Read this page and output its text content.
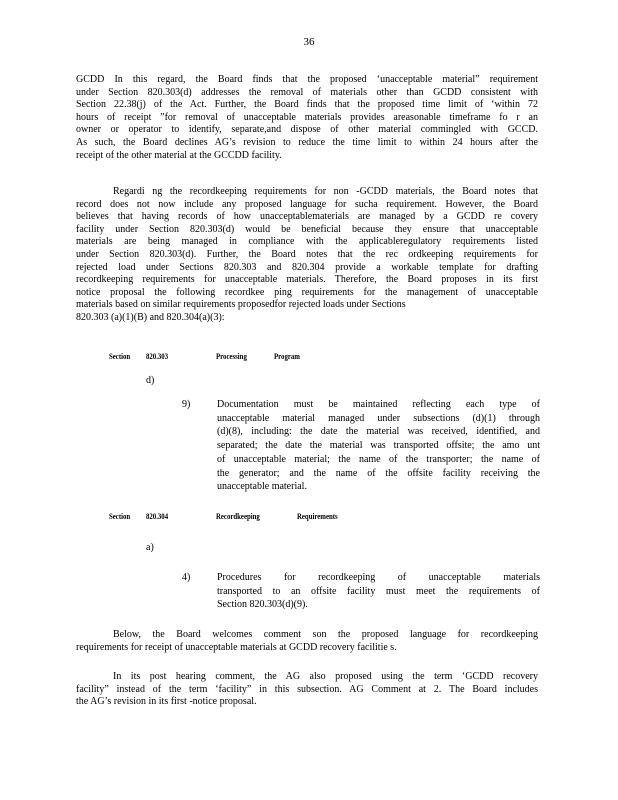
36
GCDD In this regard, the Board finds that the proposed ‘unacceptable material” requirement
under Section 820.303(d) addresses the removal of materials other than GCDD consistent with
Section 22.38(j) of the Act. Further, the Board finds that the proposed time limit of ‘within 72
hours of receipt ”for removal of unacceptable materials provides areasonable timeframe fo r an
owner or operator to identify, separate,and dispose of other material commingled with GCCD.
As such, the Board declines AG’s revision to reduce the time limit to within 24 hours after the
receipt of the other material at the GCCDD facility.
Regardi ng the recordkeeping requirements for non -GCDD materials, the Board notes that
record does not now include any proposed language for sucha requirement. However, the Board
believes that having records of how unacceptablematerials are managed by a GCDD re covery
facility under Section 820.303(d) would be beneficial because they ensure that unacceptable
materials are being managed in compliance with the applicableregulatory requirements listed
under Section 820.303(d). Further, the Board notes that the rec ordkeeping requirements for
rejected load under Sections 820.303 and 820.304 provide a workable template for drafting
recordkeeping requirements for unacceptable materials. Therefore, the Board proposes in its first
notice proposal the following recordkee ping requirements for the management of unacceptable
materials based on similar requirements proposedfor rejected loads under Sections
820.303 (a)(1)(B) and 820.304(a)(3):
Section 820.303	Processing	Program
d)
9)	Documentation must be maintained reflecting each type of
unacceptable material managed under subsections (d)(1) through
(d)(8), including: the date the material was received, identified, and
separated; the date the material was transported offsite; the amo unt
of unacceptable material; the name of the transporter; the name of
the generator; and the name of the offsite facility receiving the
unacceptable material.
Section 820.304	Recordkeeping	Requirements
a)
4)	Procedures for recordkeeping of unacceptable materials
transported to an offsite facility must meet the requirements of
Section 820.303(d)(9).
Below, the Board welcomes comment son the proposed language for recordkeeping
requirements for receipt of unacceptable materials at GCDD recovery facilitie s.
In its post hearing comment, the AG also proposed using the term ‘GCDD recovery
facility” instead of the term ‘facility” in this subsection. AG Comment at 2. The Board includes
the AG’s revision in its first -notice proposal.
